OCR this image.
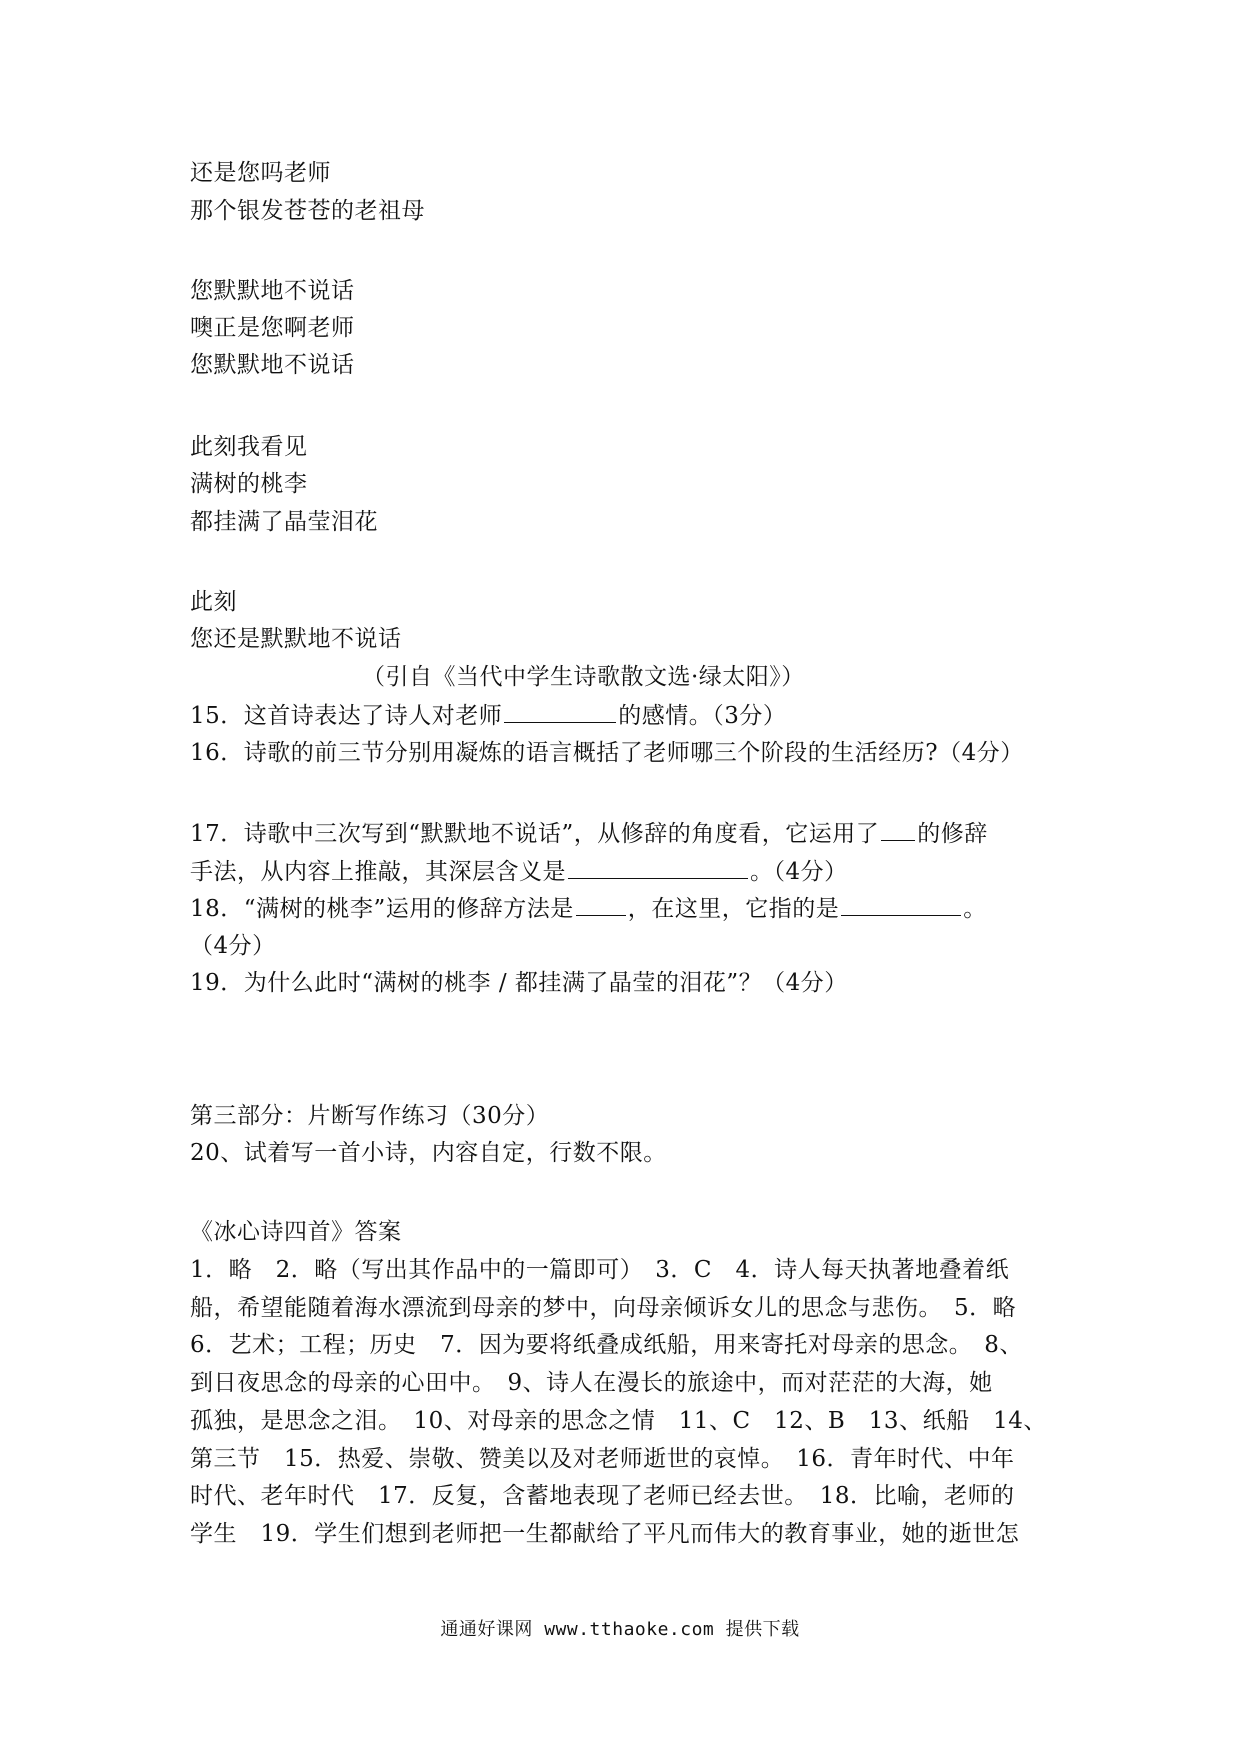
还是您吗老师
那个银发苍苍的老祖母
您默默地不说话
噢正是您啊老师
您默默地不说话
此刻我看见
满树的桃李
都挂满了晶莹泪花
此刻
您还是默默地不说话
（引自《当代中学生诗歌散文选·绿太阳》）
15．这首诗表达了诗人对老师	的感情。（3分）
16．诗歌的前三节分别用凝炼的语言概括了老师哪三个阶段的生活经历?（4分）
17．诗歌中三次写到“默默地不说话”，从修辞的角度看，它运用了 的修辞
手法，从内容上推敲，其深层含义是	。（4分）
18．“满树的桃李”运用的修辞方法是 ，在这里，它指的是	。
（4分）
19．为什么此时“满树的桃李 / 都挂满了晶莹的泪花”？（4分）
第三部分：片断写作练习（30分）
20、试着写一首小诗，内容自定，行数不限。
《冰心诗四首》答案
1．略　2．略（写出其作品中的一篇即可）　3．C　4．诗人每天执著地叠着纸
船，希望能随着海水漂流到母亲的梦中，向母亲倾诉女儿的思念与悲伤。　5．略
6．艺术；工程；历史　7．因为要将纸叠成纸船，用来寄托对母亲的思念。　8、
到日夜思念的母亲的心田中。　9、诗人在漫长的旅途中，而对茫茫的大海，她
孤独，是思念之泪。　10、对母亲的思念之情　11、C　12、B　13、纸船　14、
第三节　15．热爱、崇敬、赞美以及对老师逝世的哀悼。　16．青年时代、中年
时代、老年时代　17．反复，含蓄地表现了老师已经去世。　18．比喻，老师的
学生　19．学生们想到老师把一生都献给了平凡而伟大的教育事业，她的逝世怎
通通好课网 www.tthaoke.com 提供下载
